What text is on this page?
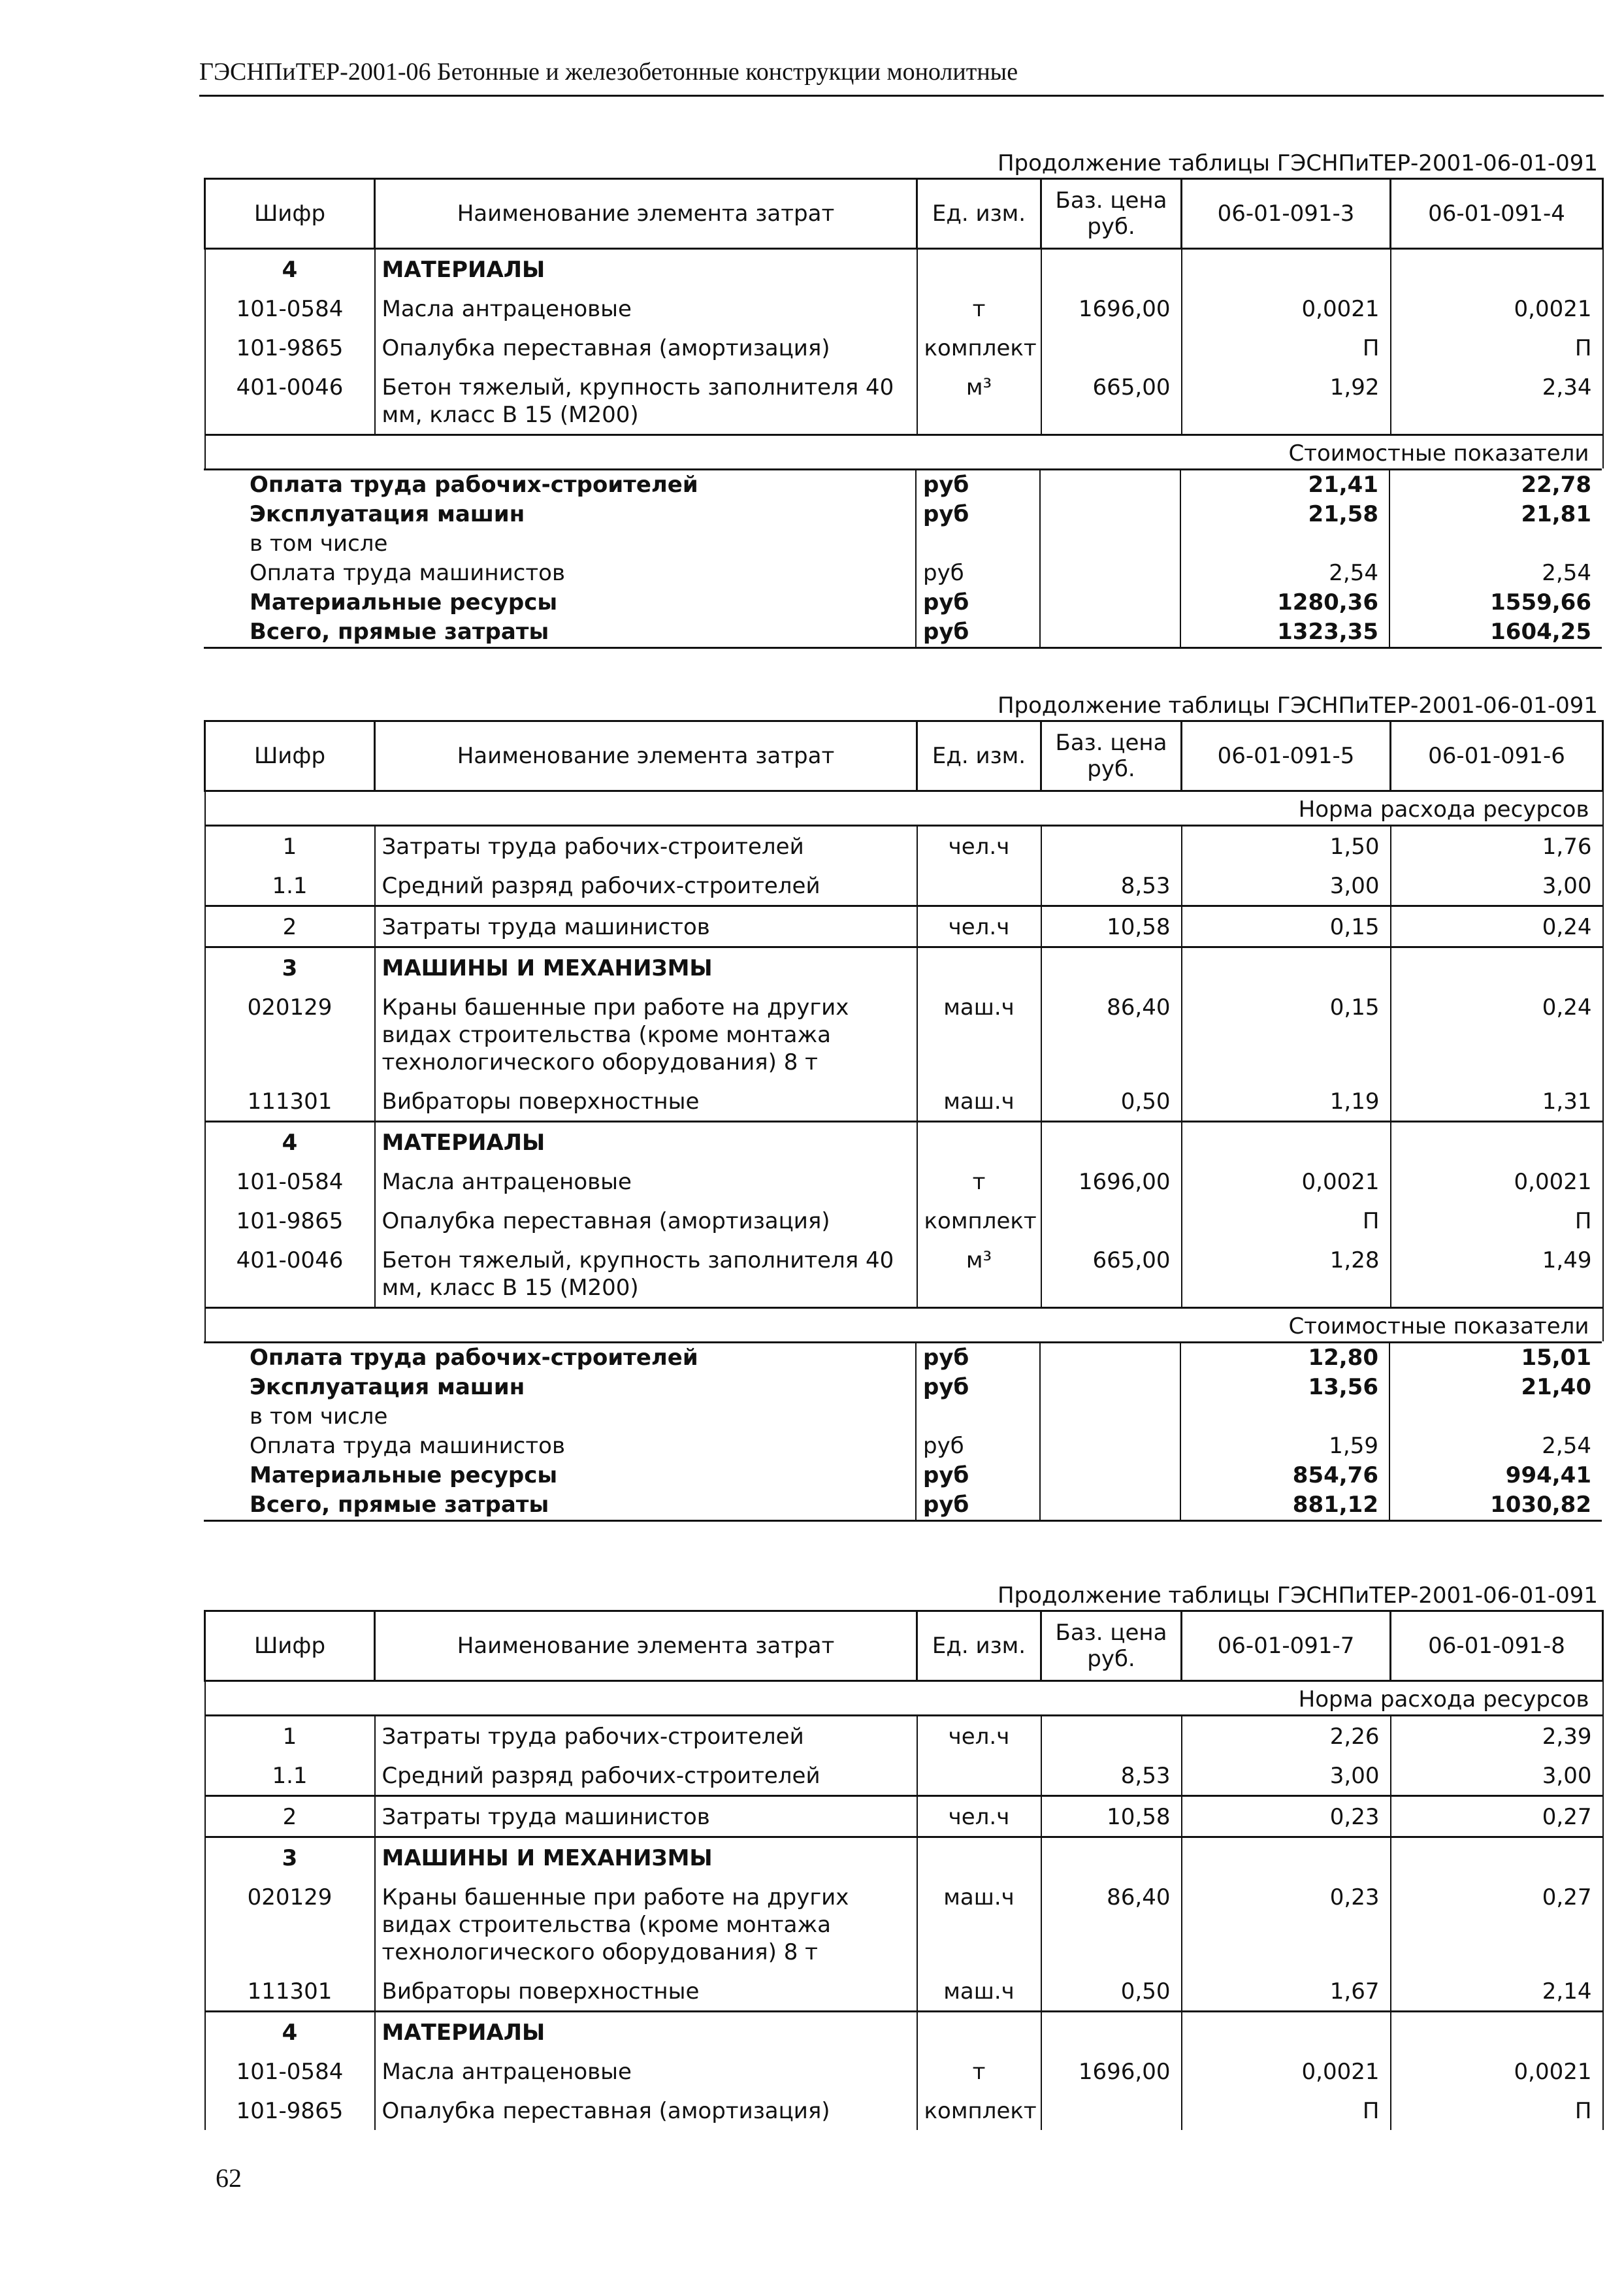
ГЭСНПиТЕР-2001-06 Бетонные и железобетонные конструкции монолитные
Продолжение таблицы ГЭСНПиТЕР-2001-06-01-091
Шифр	Наименование элемента затрат	Ед. изм.	Баз. цена руб.	06-01-091-3	06-01-091-4
4	МАТЕРИАЛЫ				
101-0584	Масла антраценовые	т	1696,00	0,0021	0,0021
101-9865	Опалубка переставная (амортизация)	комплект		П	П
401-0046	Бетон тяжелый, крупность заполнителя 40 мм, класс В 15 (М200)	м³	665,00	1,92	2,34
Стоимостные показатели					
Оплата труда рабочих-строителей	руб		21,41	22,78
Эксплуатация машин	руб		21,58	21,81
в том числе				
Оплата труда машинистов	руб		2,54	2,54
Материальные ресурсы	руб		1280,36	1559,66
Всего, прямые затраты	руб		1323,35	1604,25
Продолжение таблицы ГЭСНПиТЕР-2001-06-01-091
Шифр	Наименование элемента затрат	Ед. изм.	Баз. цена руб.	06-01-091-5	06-01-091-6
Норма расхода ресурсов					
1	Затраты труда рабочих-строителей	чел.ч		1,50	1,76
1.1	Средний разряд рабочих-строителей		8,53	3,00	3,00
2	Затраты труда машинистов	чел.ч	10,58	0,15	0,24
3	МАШИНЫ И МЕХАНИЗМЫ				
020129	Краны башенные при работе на других видах строительства (кроме монтажа технологического оборудования) 8 т	маш.ч	86,40	0,15	0,24
111301	Вибраторы поверхностные	маш.ч	0,50	1,19	1,31
4	МАТЕРИАЛЫ				
101-0584	Масла антраценовые	т	1696,00	0,0021	0,0021
101-9865	Опалубка переставная (амортизация)	комплект		П	П
401-0046	Бетон тяжелый, крупность заполнителя 40 мм, класс В 15 (М200)	м³	665,00	1,28	1,49
Стоимостные показатели					
Оплата труда рабочих-строителей	руб		12,80	15,01
Эксплуатация машин	руб		13,56	21,40
в том числе				
Оплата труда машинистов	руб		1,59	2,54
Материальные ресурсы	руб		854,76	994,41
Всего, прямые затраты	руб		881,12	1030,82
Продолжение таблицы ГЭСНПиТЕР-2001-06-01-091
Шифр	Наименование элемента затрат	Ед. изм.	Баз. цена руб.	06-01-091-7	06-01-091-8
Норма расхода ресурсов					
1	Затраты труда рабочих-строителей	чел.ч		2,26	2,39
1.1	Средний разряд рабочих-строителей		8,53	3,00	3,00
2	Затраты труда машинистов	чел.ч	10,58	0,23	0,27
3	МАШИНЫ И МЕХАНИЗМЫ				
020129	Краны башенные при работе на других видах строительства (кроме монтажа технологического оборудования) 8 т	маш.ч	86,40	0,23	0,27
111301	Вибраторы поверхностные	маш.ч	0,50	1,67	2,14
4	МАТЕРИАЛЫ				
101-0584	Масла антраценовые	т	1696,00	0,0021	0,0021
101-9865	Опалубка переставная (амортизация)	комплект		П	П
62
